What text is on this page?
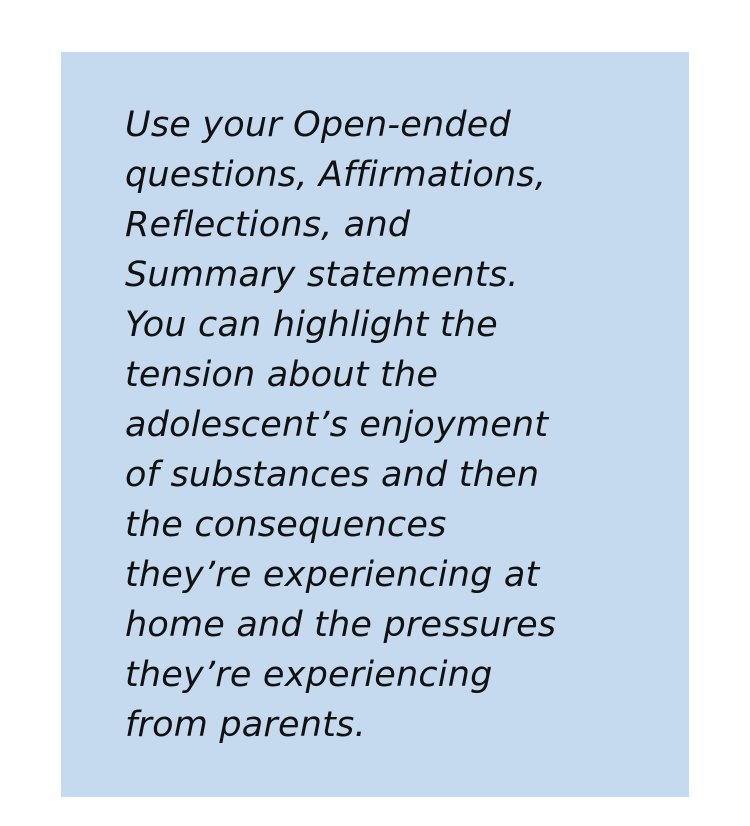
Use your Open-ended
questions, Affirmations,
Reflections, and
Summary statements.
You can highlight the
tension about the
adolescent’s enjoyment
of substances and then
the consequences
they’re experiencing at
home and the pressures
they’re experiencing
from parents.
